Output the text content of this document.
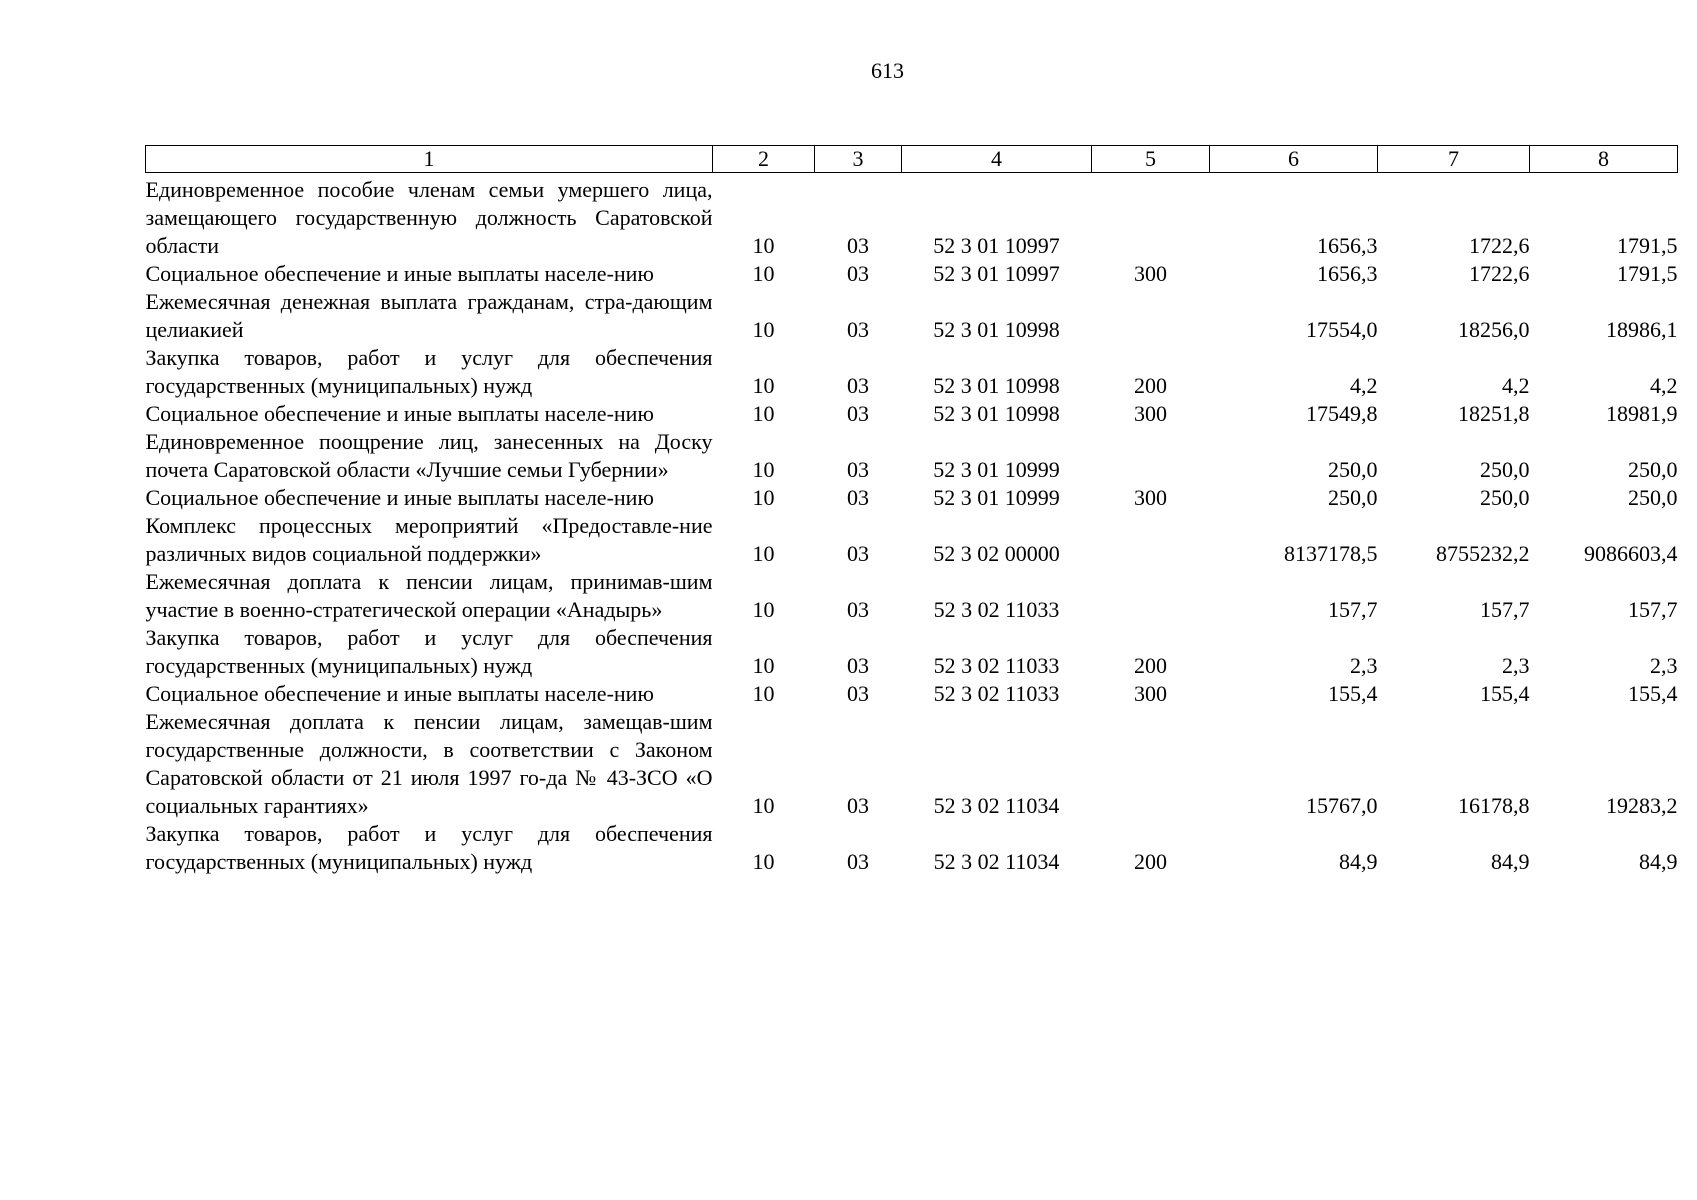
613
1	2	3	4	5	6	7	8
Единовременное пособие членам семьи умершего лица, замещающего государственную должность Саратовской области	10	03	52 3 01 10997		1656,3	1722,6	1791,5
Социальное обеспечение и иные выплаты населе-нию	10	03	52 3 01 10997	300	1656,3	1722,6	1791,5
Ежемесячная денежная выплата гражданам, стра-дающим целиакией	10	03	52 3 01 10998		17554,0	18256,0	18986,1
Закупка товаров, работ и услуг для обеспечения государственных (муниципальных) нужд	10	03	52 3 01 10998	200	4,2	4,2	4,2
Социальное обеспечение и иные выплаты населе-нию	10	03	52 3 01 10998	300	17549,8	18251,8	18981,9
Единовременное поощрение лиц, занесенных на Доску почета Саратовской области «Лучшие семьи Губернии»	10	03	52 3 01 10999		250,0	250,0	250,0
Социальное обеспечение и иные выплаты населе-нию	10	03	52 3 01 10999	300	250,0	250,0	250,0
Комплекс процессных мероприятий «Предоставле-ние различных видов социальной поддержки»	10	03	52 3 02 00000		8137178,5	8755232,2	9086603,4
Ежемесячная доплата к пенсии лицам, принимав-шим участие в военно-стратегической операции «Анадырь»	10	03	52 3 02 11033		157,7	157,7	157,7
Закупка товаров, работ и услуг для обеспечения государственных (муниципальных) нужд	10	03	52 3 02 11033	200	2,3	2,3	2,3
Социальное обеспечение и иные выплаты населе-нию	10	03	52 3 02 11033	300	155,4	155,4	155,4
Ежемесячная доплата к пенсии лицам, замещав-шим государственные должности, в соответствии с Законом Саратовской области от 21 июля 1997 го-да № 43-ЗСО «О социальных гарантиях»	10	03	52 3 02 11034		15767,0	16178,8	19283,2
Закупка товаров, работ и услуг для обеспечения государственных (муниципальных) нужд	10	03	52 3 02 11034	200	84,9	84,9	84,9
